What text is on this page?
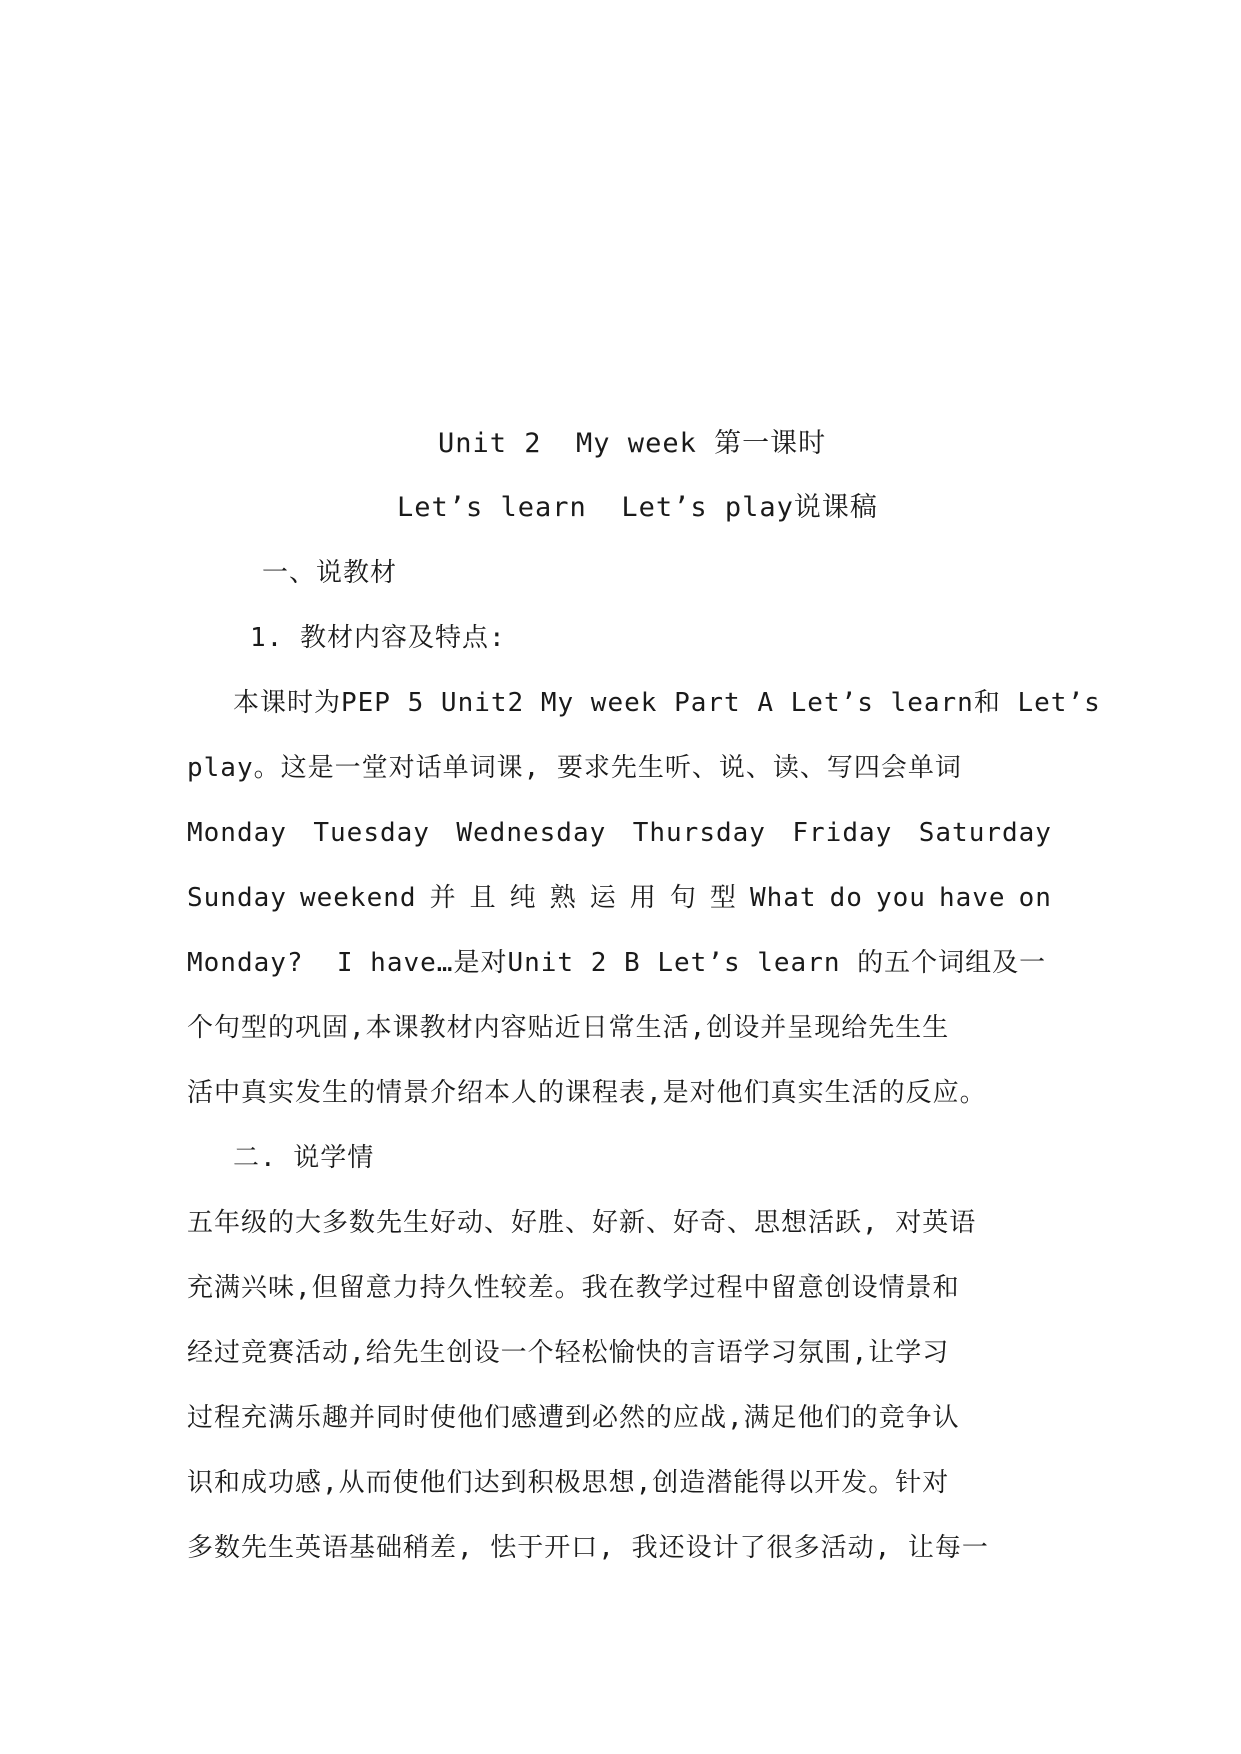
Unit 2  My week 第一课时
Let’s learn  Let’s play说课稿
一、说教材
1. 教材内容及特点:
本课时为PEP 5 Unit2 My week Part A Let’s learn和 Let’s
play。这是一堂对话单词课, 要求先生听、说、读、写四会单词
Monday Tuesday Wednesday Thursday Friday Saturday
Sunday weekend 并 且 纯 熟 运 用 句 型 What do you have on
Monday?  I have…是对Unit 2 B Let’s learn 的五个词组及一
个句型的巩固,本课教材内容贴近日常生活,创设并呈现给先生生
活中真实发生的情景介绍本人的课程表,是对他们真实生活的反应。
二. 说学情
五年级的大多数先生好动、好胜、好新、好奇、思想活跃, 对英语
充满兴味,但留意力持久性较差。我在教学过程中留意创设情景和
经过竞赛活动,给先生创设一个轻松愉快的言语学习氛围,让学习
过程充满乐趣并同时使他们感遭到必然的应战,满足他们的竞争认
识和成功感,从而使他们达到积极思想,创造潜能得以开发。针对
多数先生英语基础稍差, 怯于开口, 我还设计了很多活动, 让每一
